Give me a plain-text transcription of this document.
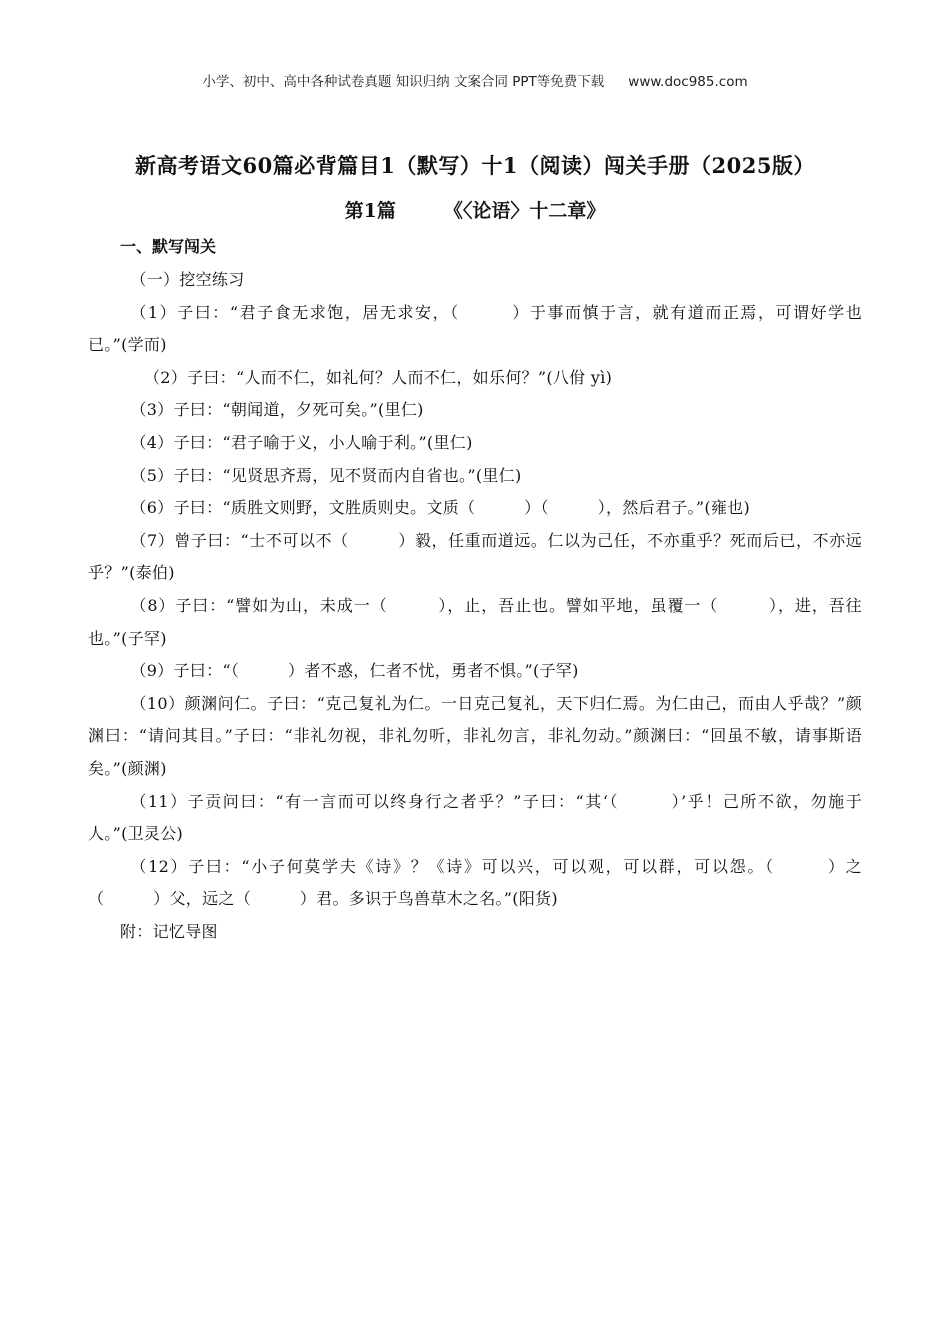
小学、初中、高中各种试卷真题 知识归纳 文案合同 PPT等免费下载 www.doc985.com
新高考语文60篇必背篇目1（默写）十1（阅读）闯关手册（2025版）
第1篇	《〈论语〉十二章》
一、默写闯关

（一）挖空练习

（1）子曰：“君子食无求饱，居无求安，（　　　）于事而慎于言，就有道而正焉，可谓好学也已。”(学而)

（2）子曰：“人而不仁，如礼何？人而不仁，如乐何？”(八佾 yì)

（3）子曰：“朝闻道，夕死可矣。”(里仁)

（4）子曰：“君子喻于义，小人喻于利。”(里仁)

（5）子曰：“见贤思齐焉，见不贤而内自省也。”(里仁)

（6）子曰：“质胜文则野，文胜质则史。文质（　　　）（　　　），然后君子。”(雍也)

（7）曾子曰：“士不可以不（　　　）毅，任重而道远。仁以为己任，不亦重乎？死而后已，不亦远乎？”(泰伯)

（8）子曰：“譬如为山，未成一（　　　），止，吾止也。譬如平地，虽覆一（　　　），进，吾往也。”(子罕)

（9）子曰：“（　　　）者不惑，仁者不忧，勇者不惧。”(子罕)

（10）颜渊问仁。子曰：“克己复礼为仁。一日克己复礼，天下归仁焉。为仁由己，而由人乎哉？”颜渊曰：“请问其目。”子曰：“非礼勿视，非礼勿听，非礼勿言，非礼勿动。”颜渊曰：“回虽不敏，请事斯语矣。”(颜渊)

（11）子贡问曰：“有一言而可以终身行之者乎？”子曰：“其‘（　　　）’乎！己所不欲，勿施于人。”(卫灵公)

（12）子曰：“小子何莫学夫《诗》？《诗》可以兴，可以观，可以群，可以怨。（　　　）之（　　　）父，远之（　　　）君。多识于鸟兽草木之名。”(阳货)

附：记忆导图
